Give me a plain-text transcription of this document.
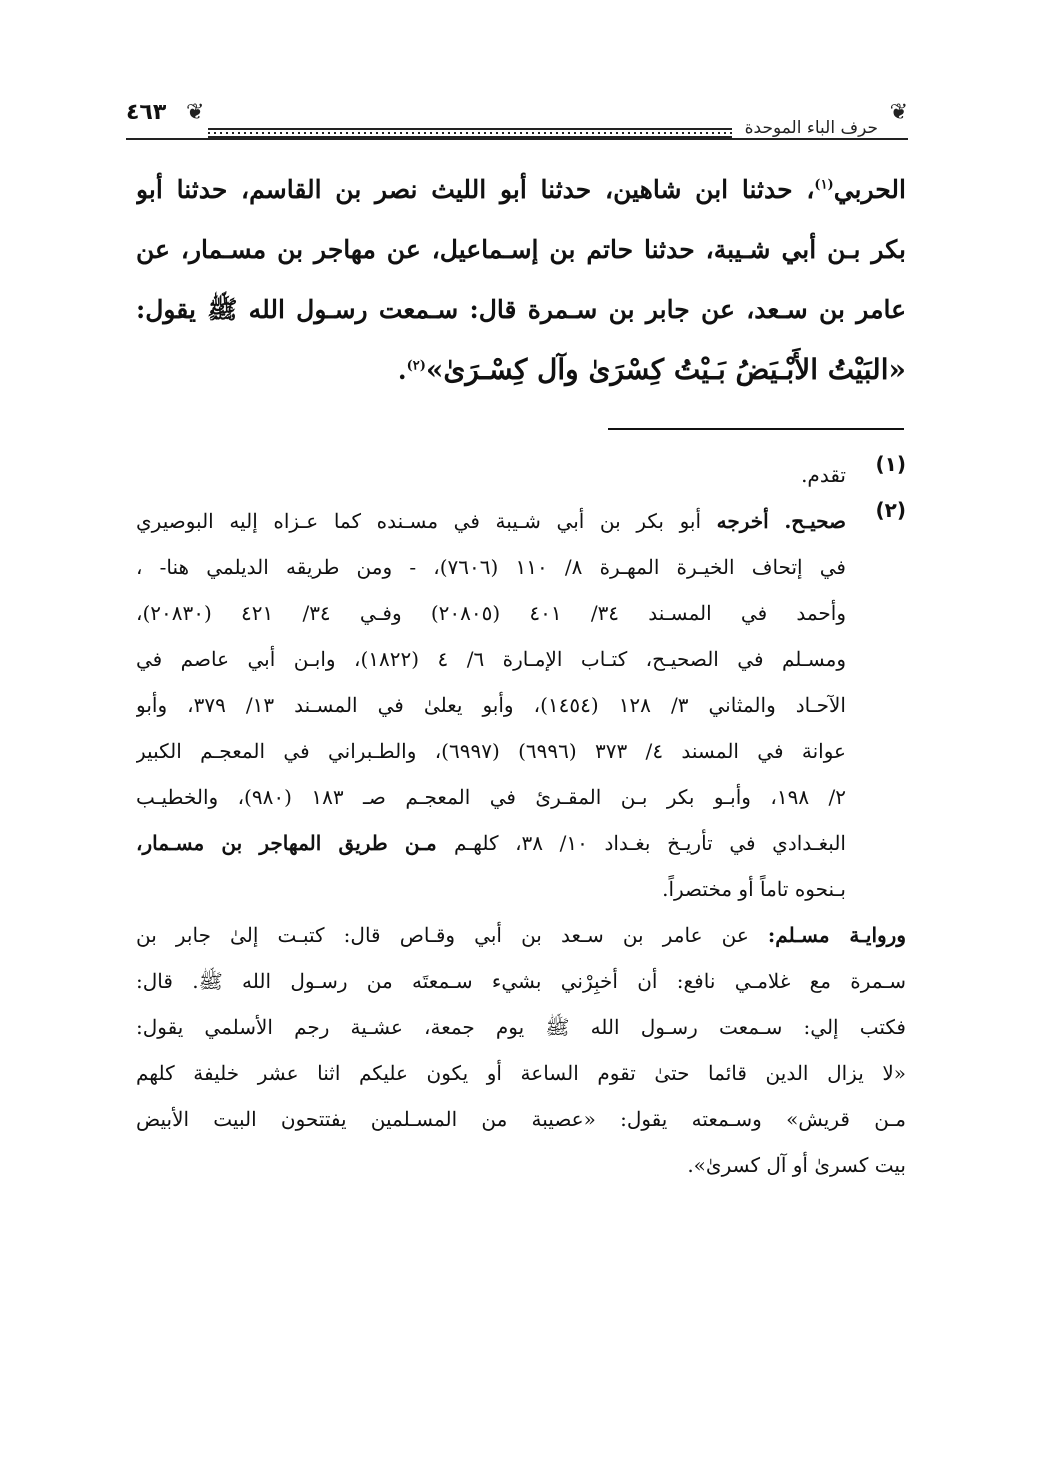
❦
حرف الباء الموحدة
❦
٤٦٣
الحربي$^{(١)}$، حدثنا ابن شاهين، حدثنا أبو الليث نصر بن القاسم، حدثنا أبو
بكر بـن أبي شـيبة، حدثنا حاتم بن إسـماعيل، عن مهاجر بن مسـمار، عن
عامر بن سـعد، عن جابر بن سـمرة قال: سـمعت رسـول الله ﷺ يقول:
«البَيْتُ الأَبْـيَضُ بَـيْتُ كِسْرَىٰ وآل كِسْـرَىٰ»$^{(٢)}$.
(١)
تقدم.
(٢)
صحيـح. أخرجه أبو بكر بن أبي شـيبة في مسـنده كما عـزاه إليه البوصيري
في إتحاف الخيـرة المهـرة ٨/ ١١٠ (٧٦٠٦)، - ومن طريقه الديلمي هنا- ،
وأحمد في المسـند ٣٤/ ٤٠١ (٢٠٨٠٥) وفـي ٣٤/ ٤٢١ (٢٠٨٣٠)،
ومسـلم في الصحيـح، كتـاب الإمـارة ٦/ ٤ (١٨٢٢)، وابـن أبي عاصم في
الآحـاد والمثاني ٣/ ١٢٨ (١٤٥٤)، وأبو يعلىٰ في المسـند ١٣/ ٣٧٩، وأبو
عوانة في المسند ٤/ ٣٧٣ (٦٩٩٦) (٦٩٩٧)، والطـبراني في المعجـم الكبير
٢/ ١٩٨، وأبـو بكر بـن المقـرئ في المعجـم صـ ١٨٣ (٩٨٠)، والخطيـب
البغـدادي في تأريـخ بغـداد ١٠/ ٣٨، كلهـم مـن طريق المهاجر بن مسـمار،
بـنحوه تاماً أو مختصراً.
وروايـة مسـلم: عن عامر بن سـعد بن أبي وقـاص قال: كتبـت إلىٰ جابر بن
سـمرة مع غلامـي نافع: أن أخبِرْني بشيء سـمعتَه من رسـول الله ﷺ. قال:
فكتب إلي: سـمعت رسـول الله ﷺ يوم جمعة، عشـية رجم الأسلمي يقول:
«لا يزال الدين قائما حتىٰ تقوم الساعة أو يكون عليكم اثنا عشر خليفة كلهم
مـن قريش» وسـمعته يقول: «عصيبة من المسـلمين يفتتحون البيت الأبيض
بيت كسرىٰ أو آل كسرىٰ».
